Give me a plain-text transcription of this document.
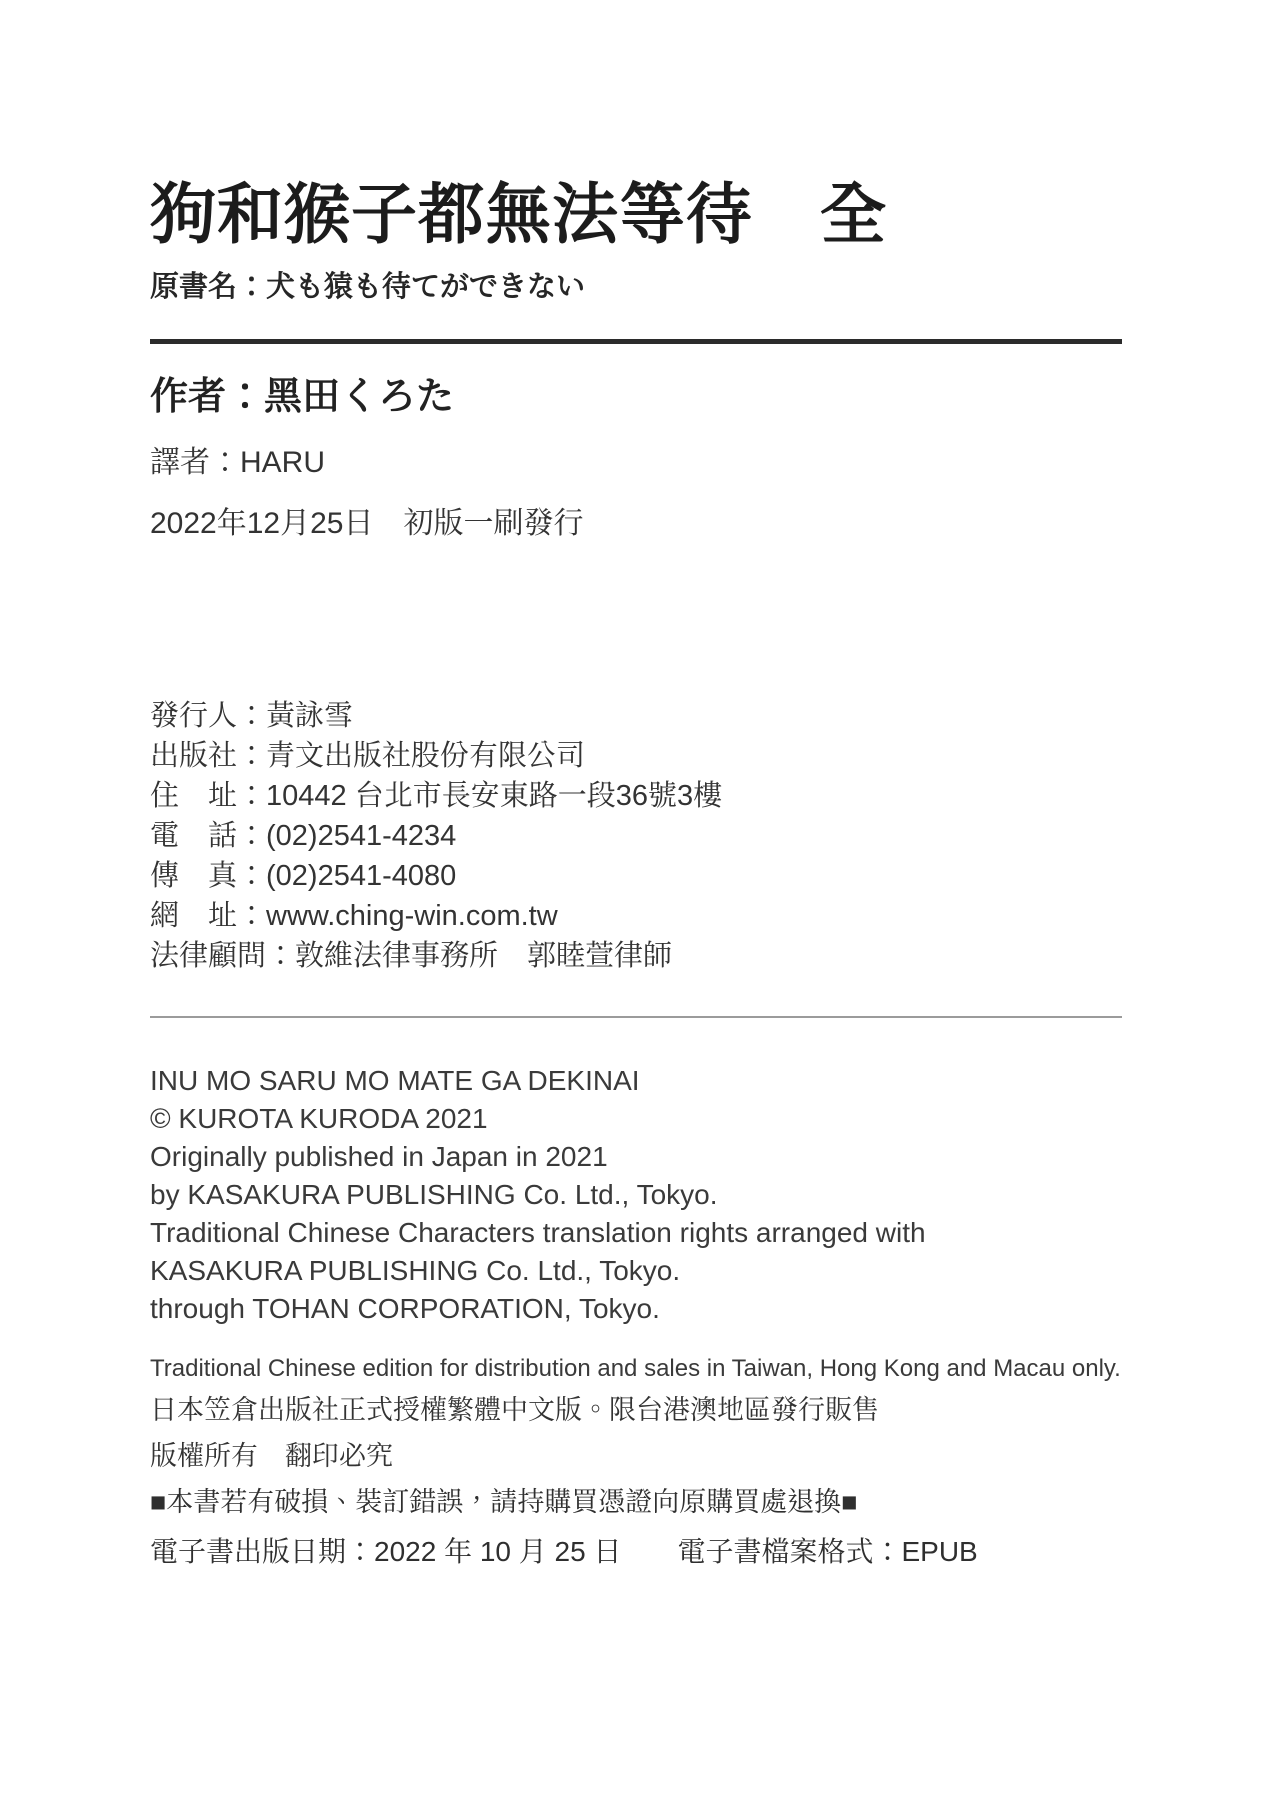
狗和猴子都無法等待　全

原書名：犬も猿も待てができない

作者：黑田くろた

譯者：HARU

2022年12月25日　初版一刷發行

發行人：黃詠雪
出版社：青文出版社股份有限公司
住　址：10442 台北市長安東路一段36號3樓
電　話：(02)2541-4234
傳　真：(02)2541-4080
網　址：www.ching-win.com.tw
法律顧問：敦維法律事務所　郭睦萱律師
INU MO SARU MO MATE GA DEKINAI
© KUROTA KURODA 2021
Originally published in Japan in 2021
by KASAKURA PUBLISHING Co. Ltd., Tokyo.
Traditional Chinese Characters translation rights arranged with
KASAKURA PUBLISHING Co. Ltd., Tokyo.
through TOHAN CORPORATION, Tokyo.

Traditional Chinese edition for distribution and sales in Taiwan, Hong Kong and Macau only.

日本笠倉出版社正式授權繁體中文版。限台港澳地區發行販售

版權所有　翻印必究

■本書若有破損、裝訂錯誤，請持購買憑證向原購買處退換■

電子書出版日期：2022 年 10 月 25 日　　電子書檔案格式：EPUB
